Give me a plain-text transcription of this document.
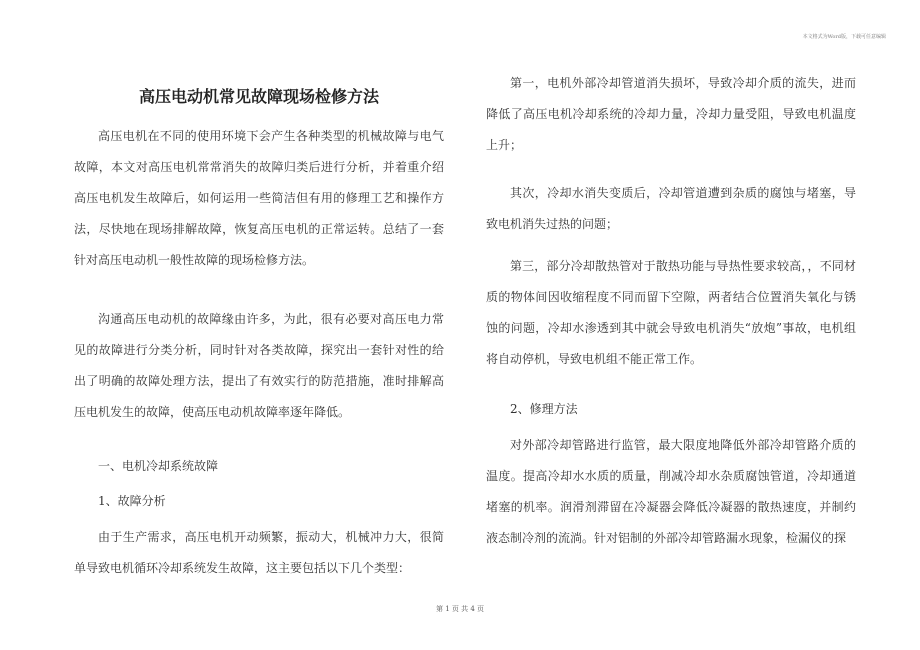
本文格式为Word版，下载可任意编辑
高压电动机常见故障现场检修方法

高压电机在不同的使用环境下会产生各种类型的机械故障与电气故障，本文对高压电机常常消失的故障归类后进行分析，并着重介绍高压电机发生故障后，如何运用一些简洁但有用的修理工艺和操作方法，尽快地在现场排解故障，恢复高压电机的正常运转。总结了一套针对高压电动机一般性故障的现场检修方法。

沟通高压电动机的故障缘由许多，为此，很有必要对高压电力常见的故障进行分类分析，同时针对各类故障，探究出一套针对性的给出了明确的故障处理方法，提出了有效实行的防范措施，准时排解高压电机发生的故障，使高压电动机故障率逐年降低。

一、电机冷却系统故障

1、故障分析

由于生产需求，高压电机开动频繁，振动大，机械冲力大，很简单导致电机循环冷却系统发生故障，这主要包括以下几个类型：

第一，电机外部冷却管道消失损坏，导致冷却介质的流失，进而降低了高压电机冷却系统的冷却力量，冷却力量受阻，导致电机温度上升；

其次，冷却水消失变质后，冷却管道遭到杂质的腐蚀与堵塞，导致电机消失过热的问题；

第三，部分冷却散热管对于散热功能与导热性要求较高，，不同材质的物体间因收缩程度不同而留下空隙，两者结合位置消失氧化与锈蚀的问题，冷却水渗透到其中就会导致电机消失“放炮”事故，电机组将自动停机，导致电机组不能正常工作。

2、修理方法

对外部冷却管路进行监管，最大限度地降低外部冷却管路介质的温度。提高冷却水水质的质量，削减冷却水杂质腐蚀管道，冷却通道堵塞的机率。润滑剂滞留在冷凝器会降低冷凝器的散热速度，并制约液态制冷剂的流淌。针对铝制的外部冷却管路漏水现象，检漏仪的探

第 1 页 共 4 页
